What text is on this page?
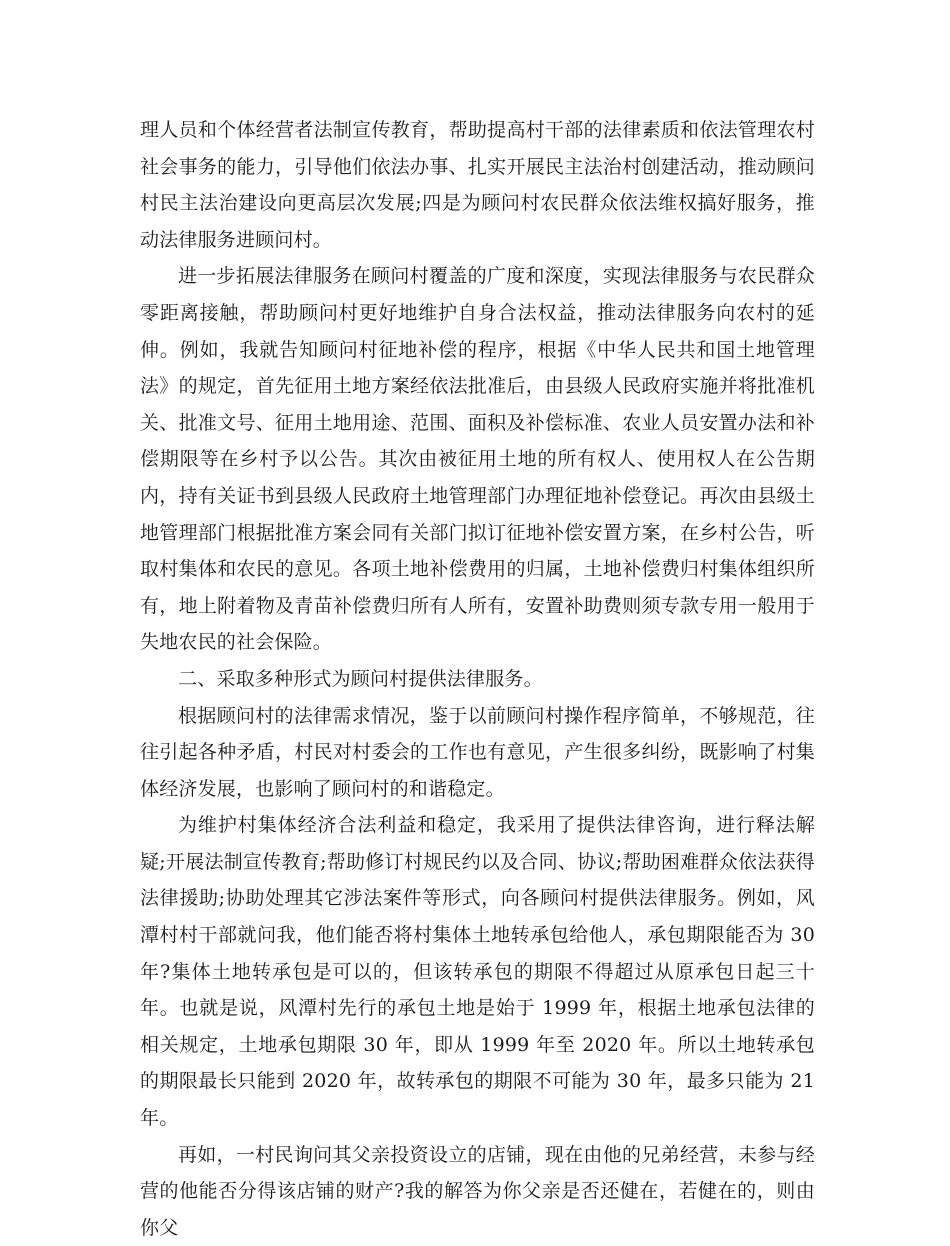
理人员和个体经营者法制宣传教育，帮助提高村干部的法律素质和依法管理农村社会事务的能力，引导他们依法办事、扎实开展民主法治村创建活动，推动顾问村民主法治建设向更高层次发展;四是为顾问村农民群众依法维权搞好服务，推动法律服务进顾问村。

进一步拓展法律服务在顾问村覆盖的广度和深度，实现法律服务与农民群众零距离接触，帮助顾问村更好地维护自身合法权益，推动法律服务向农村的延伸。例如，我就告知顾问村征地补偿的程序，根据《中华人民共和国土地管理法》的规定，首先征用土地方案经依法批准后，由县级人民政府实施并将批准机关、批准文号、征用土地用途、范围、面积及补偿标准、农业人员安置办法和补偿期限等在乡村予以公告。其次由被征用土地的所有权人、使用权人在公告期内，持有关证书到县级人民政府土地管理部门办理征地补偿登记。再次由县级土地管理部门根据批准方案会同有关部门拟订征地补偿安置方案，在乡村公告，听取村集体和农民的意见。各项土地补偿费用的归属，土地补偿费归村集体组织所有，地上附着物及青苗补偿费归所有人所有，安置补助费则须专款专用一般用于失地农民的社会保险。

二、采取多种形式为顾问村提供法律服务。

根据顾问村的法律需求情况，鉴于以前顾问村操作程序简单，不够规范，往往引起各种矛盾，村民对村委会的工作也有意见，产生很多纠纷，既影响了村集体经济发展，也影响了顾问村的和谐稳定。

为维护村集体经济合法利益和稳定，我采用了提供法律咨询，进行释法解疑;开展法制宣传教育;帮助修订村规民约以及合同、协议;帮助困难群众依法获得法律援助;协助处理其它涉法案件等形式，向各顾问村提供法律服务。例如，风潭村村干部就问我，他们能否将村集体土地转承包给他人，承包期限能否为 30 年?集体土地转承包是可以的，但该转承包的期限不得超过从原承包日起三十年。也就是说，风潭村先行的承包土地是始于 1999 年，根据土地承包法律的相关规定，土地承包期限 30 年，即从 1999 年至 2020 年。所以土地转承包的期限最长只能到 2020 年，故转承包的期限不可能为 30 年，最多只能为 21 年。

再如，一村民询问其父亲投资设立的店铺，现在由他的兄弟经营，未参与经营的他能否分得该店铺的财产?我的解答为你父亲是否还健在，若健在的，则由你父
